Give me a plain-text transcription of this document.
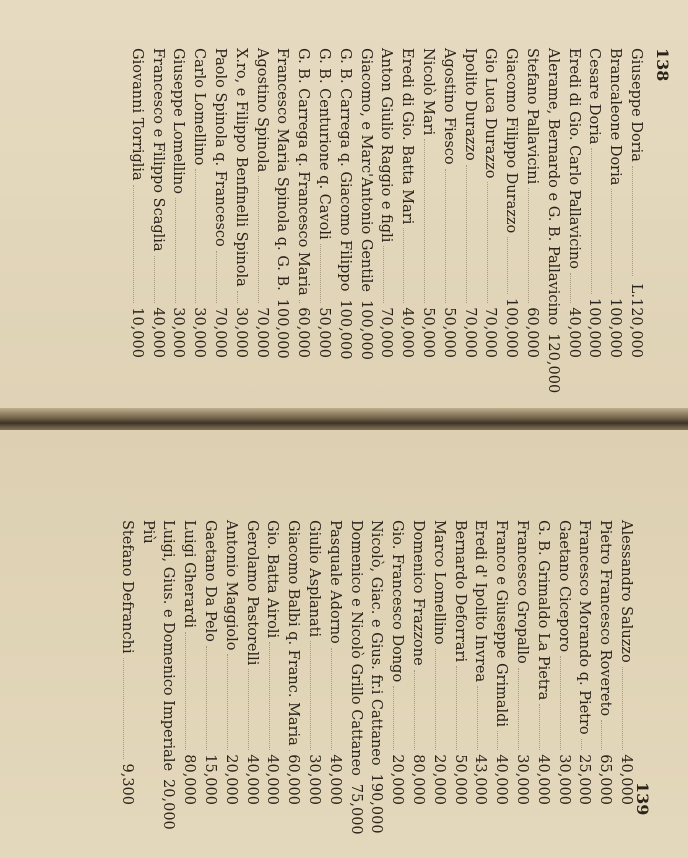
138
Giuseppe Doria
L.
120,000
Brancaleone Doria
100,000
Cesare Doria
100,000
Eredi di Gio. Carlo Pallavicino
40,000
Alerame, Bernardo e G. B. Pallavicino
120,000
Stefano Pallavicini
60,000
Giacomo Filippo Durazzo
100,000
Gio Luca Durazzo
70,000
Ipolito Durazzo
70,000
Agostino Fiesco
50,000
Nicolò Mari
50,000
Eredi di Gio. Batta Mari
40,000
Anton Giulio Raggio e figli
70,000
Giacomo, e Marc'Antonio Gentile
100,000
G. B. Carrega q. Giacomo Filippo
100,000
G. B. Centurione q. Cavoli
50,000
G. B. Carrega q. Francesco Maria
60,000
Francesco Maria Spinola q. G. B.
100,000
Agostino Spinola
70,000
X.ro, e Filippo Benfinelli Spinola
30,000
Paolo Spinola q. Francesco
70,000
Carlo Lomellino
30,000
Giuseppe Lomellino
30,000
Francesco e Filippo Scaglia
40,000
Giovanni Torriglia
10,000
139
Alessandro Saluzzo
40,000
Pietro Francesco Rovereto
65,000
Francesco Morando q. Pietro
25,000
Gaetano Ciceporo
30,000
G. B. Grimaldo La Pietra
40,000
Francesco Gropallo
30,000
Franco e Giuseppe Grimaldi
40,000
Eredi d' Ipolito Invrea
43,000
Bernardo Deforrari
50,000
Marco Lomellino
20,000
Domenico Frazzone
80,000
Gio. Francesco Dongo
20,000
Nicolò, Giac. e Gius. fr.i Cattaneo
190,000
Domenico e Nicolò Grillo Cattaneo
75,000
Pasquale Adorno
40,000
Giulio Asplanati
30,000
Giacomo Balbi q. Franc. Maria
60,000
Gio. Batta Airoli
40,000
Gerolamo Pastorelli
40,000
Antonio Maggiolo
20,000
Gaetano Da Pelo
15,000
Luigi Gherardi
80,000
Luigi, Gius. e Domenico Imperiale
20,000
Più
Stefano Defranchi
9,300
